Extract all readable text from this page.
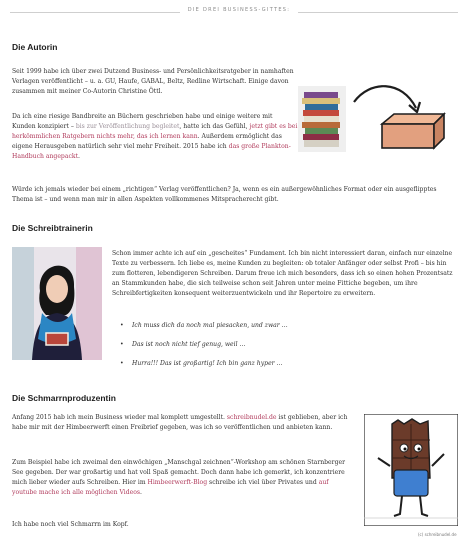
DIE DREI BUSINESS-GITTES:
Die Autorin

Seit 1999 habe ich über zwei Dutzend Business- und Persönlichkeitsratgeber in namhaften Verlagen veröffentlicht – u. a. GU, Haufe, GABAL, Beltz, Redline Wirtschaft. Einige davon zusammen mit meiner Co-Autorin Christine Öttl.

Da ich eine riesige Bandbreite an Büchern geschrieben habe und einige weitere mit Kunden konzipiert – bis zur Veröffentlichung begleitet, hatte ich das Gefühl, jetzt gibt es bei herkömmlichen Ratgebern nichts mehr, das ich lernen kann. Außerdem ermöglicht das eigene Herausgeben natürlich sehr viel mehr Freiheit. 2015 habe ich das große Plankton-Handbuch angepackt.

Würde ich jemals wieder bei einem „richtigen“ Verlag veröffentlichen? Ja, wenn es ein außergewöhnliches Format oder ein ausgeflipptes Thema ist – und wenn man mir in allen Aspekten vollkommenes Mitspracherecht gibt.

Die Schreibtrainerin

Schon immer achte ich auf ein „gescheites“ Fundament. Ich bin nicht interessiert daran, einfach nur einzelne Texte zu verbessern. Ich liebe es, meine Kunden zu begleiten: ob totaler Anfänger oder selbst Profi – bis hin zum flotteren, lebendigeren Schreiben. Darum freue ich mich besonders, dass ich so einen hohen Prozentsatz an Stammkunden habe, die sich teilweise schon seit Jahren unter meine Fittiche begeben, um ihre Schreibfertigkeiten konsequent weiterzuentwickeln und ihr Repertoire zu erweitern.

• Ich muss dich da noch mal piesacken, und zwar …
• Das ist noch nicht tief genug, weil …
• Hurra!!! Das ist großartig! Ich bin ganz hyper …
Die Schmarrnproduzentin

Anfang 2015 hab ich mein Business wieder mal komplett umgestellt. schreibnudel.de ist geblieben, aber ich habe mir mit der Himbeerwerft einen Freibrief gegeben, was ich so veröffentlichen und anbieten kann.

Zum Beispiel habe ich zweimal den einwöchigen „Manschgal zeichnen“-Workshop am schönen Starnberger See gegeben. Der war großartig und hat voll Spaß gemacht. Doch dann habe ich gemerkt, ich konzentriere mich lieber wieder aufs Schreiben. Hier im Himbeerwerft-Blog schreibe ich viel über Privates und auf youtube mache ich alle möglichen Videos.

Ich habe noch viel Schmarrn im Kopf.

(c) schreibnudel.de
